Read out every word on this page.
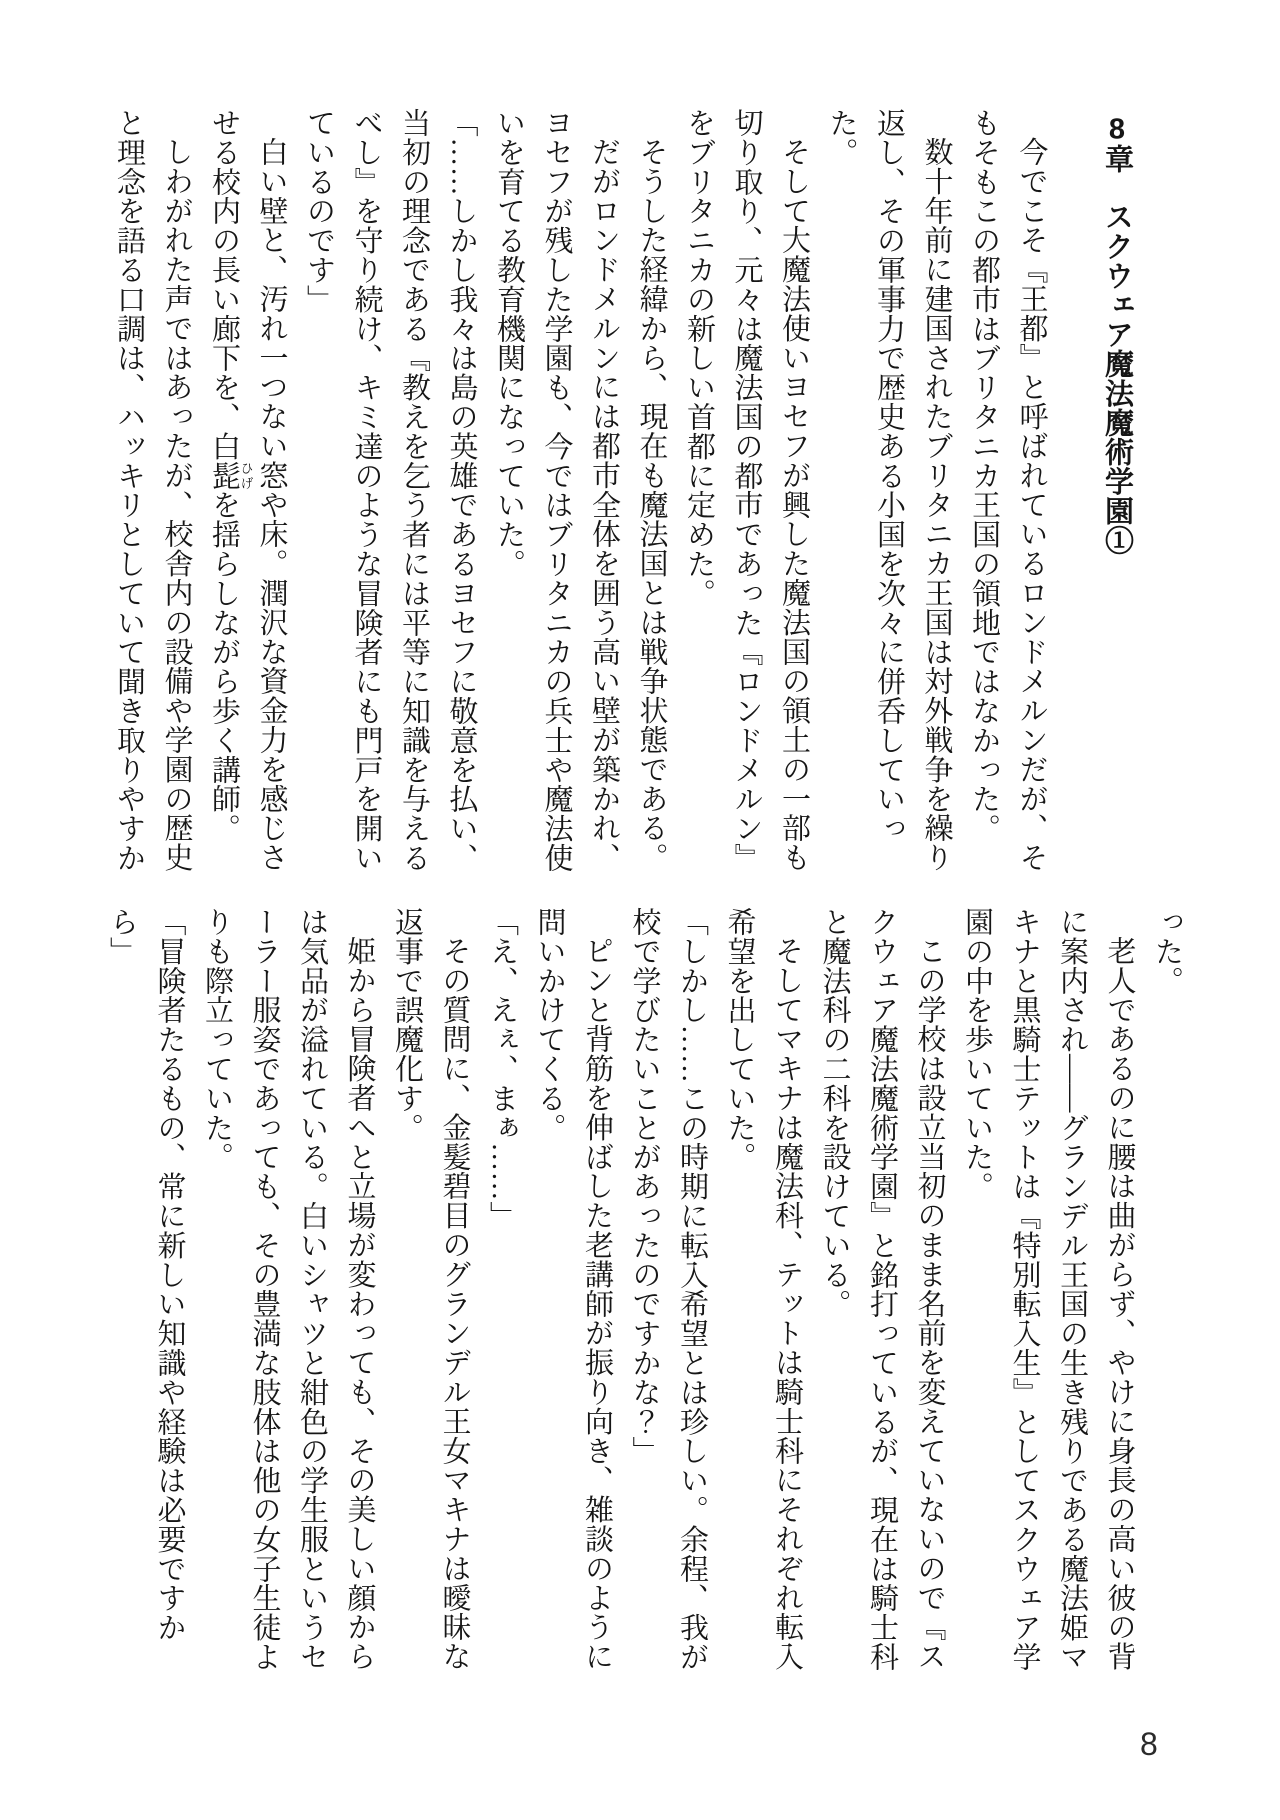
8章スクウェア魔法魔術学園①

今でこそ『王都』と呼ばれているロンドメルンだが、そもそもこの都市はブリタニカ王国の領地ではなかった。

数十年前に建国されたブリタニカ王国は対外戦争を繰り返し、その軍事力で歴史ある小国を次々に併呑していった。

そして大魔法使いヨセフが興した魔法国の領土の一部も切り取り、元々は魔法国の都市であった『ロンドメルン』をブリタニカの新しい首都に定めた。

そうした経緯から、現在も魔法国とは戦争状態である。

だがロンドメルンには都市全体を囲う高い壁が築かれ、ヨセフが残した学園も、今ではブリタニカの兵士や魔法使いを育てる教育機関になっていた。

「……しかし我々は島の英雄であるヨセフに敬意を払い、当初の理念である『教えを乞う者には平等に知識を与えるべし』を守り続け、キミ達のような冒険者にも門戸を開いているのです」

白い壁と、汚れ一つない窓や床。潤沢な資金力を感じさせる校内の長い廊下を、白髭ひげを揺らしながら歩く講師。

しわがれた声ではあったが、校舎内の設備や学園の歴史と理念を語る口調は、ハッキリとしていて聞き取りやすか

った。

老人であるのに腰は曲がらず、やけに身長の高い彼の背に案内され――グランデル王国の生き残りである魔法姫マキナと黒騎士テットは『特別転入生』としてスクウェア学園の中を歩いていた。

この学校は設立当初のまま名前を変えていないので『スクウェア魔法魔術学園』と銘打っているが、現在は騎士科と魔法科の二科を設けている。

そしてマキナは魔法科、テットは騎士科にそれぞれ転入希望を出していた。

「しかし……この時期に転入希望とは珍しい。余程、我が校で学びたいことがあったのですかな？」

ピンと背筋を伸ばした老講師が振り向き、雑談のように問いかけてくる。

「え、えぇ、まぁ……」

その質問に、金髪碧目のグランデル王女マキナは曖昧な返事で誤魔化す。

姫から冒険者へと立場が変わっても、その美しい顔からは気品が溢れている。白いシャツと紺色の学生服というセーラー服姿であっても、その豊満な肢体は他の女子生徒よりも際立っていた。

「冒険者たるもの、常に新しい知識や経験は必要ですから」

8
